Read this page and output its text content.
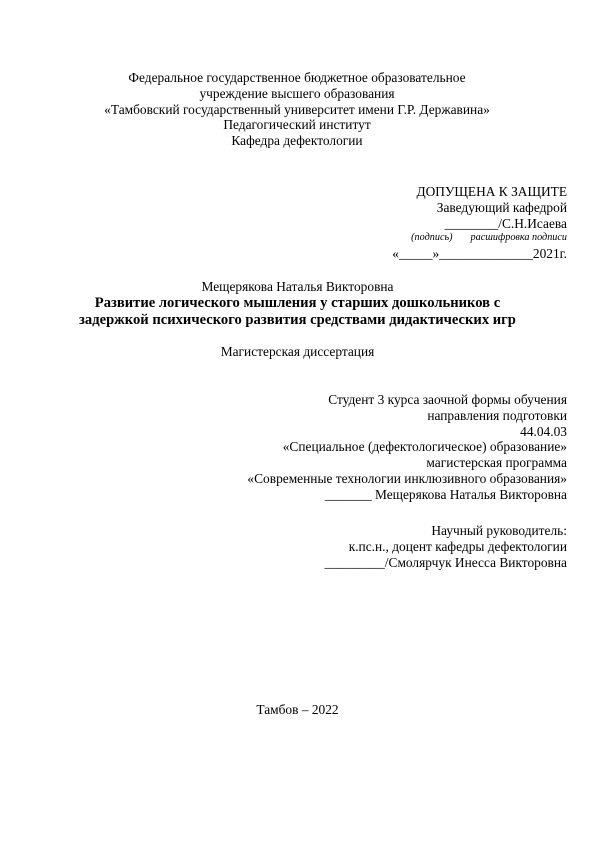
Федеральное государственное бюджетное образовательное
учреждение высшего образования
«Тамбовский государственный университет имени Г.Р. Державина»
Педагогический институт
Кафедра дефектологии
ДОПУЩЕНА К ЗАЩИТЕ
Заведующий кафедрой
________/С.Н.Исаева
(подпись) расшифровка подписи
«_____»______________2021г.
Мещерякова Наталья Викторовна
Развитие логического мышления у старших дошкольников с
задержкой психического развития средствами дидактических игр
Магистерская диссертация
Студент 3 курса заочной формы обучения
направления подготовки
44.04.03
«Специальное (дефектологическое) образование»
магистерская программа
«Современные технологии инклюзивного образования»
_______ Мещерякова Наталья Викторовна
Научный руководитель:
к.пс.н., доцент кафедры дефектологии
_________/Смолярчук Инесса Викторовна
Тамбов – 2022
